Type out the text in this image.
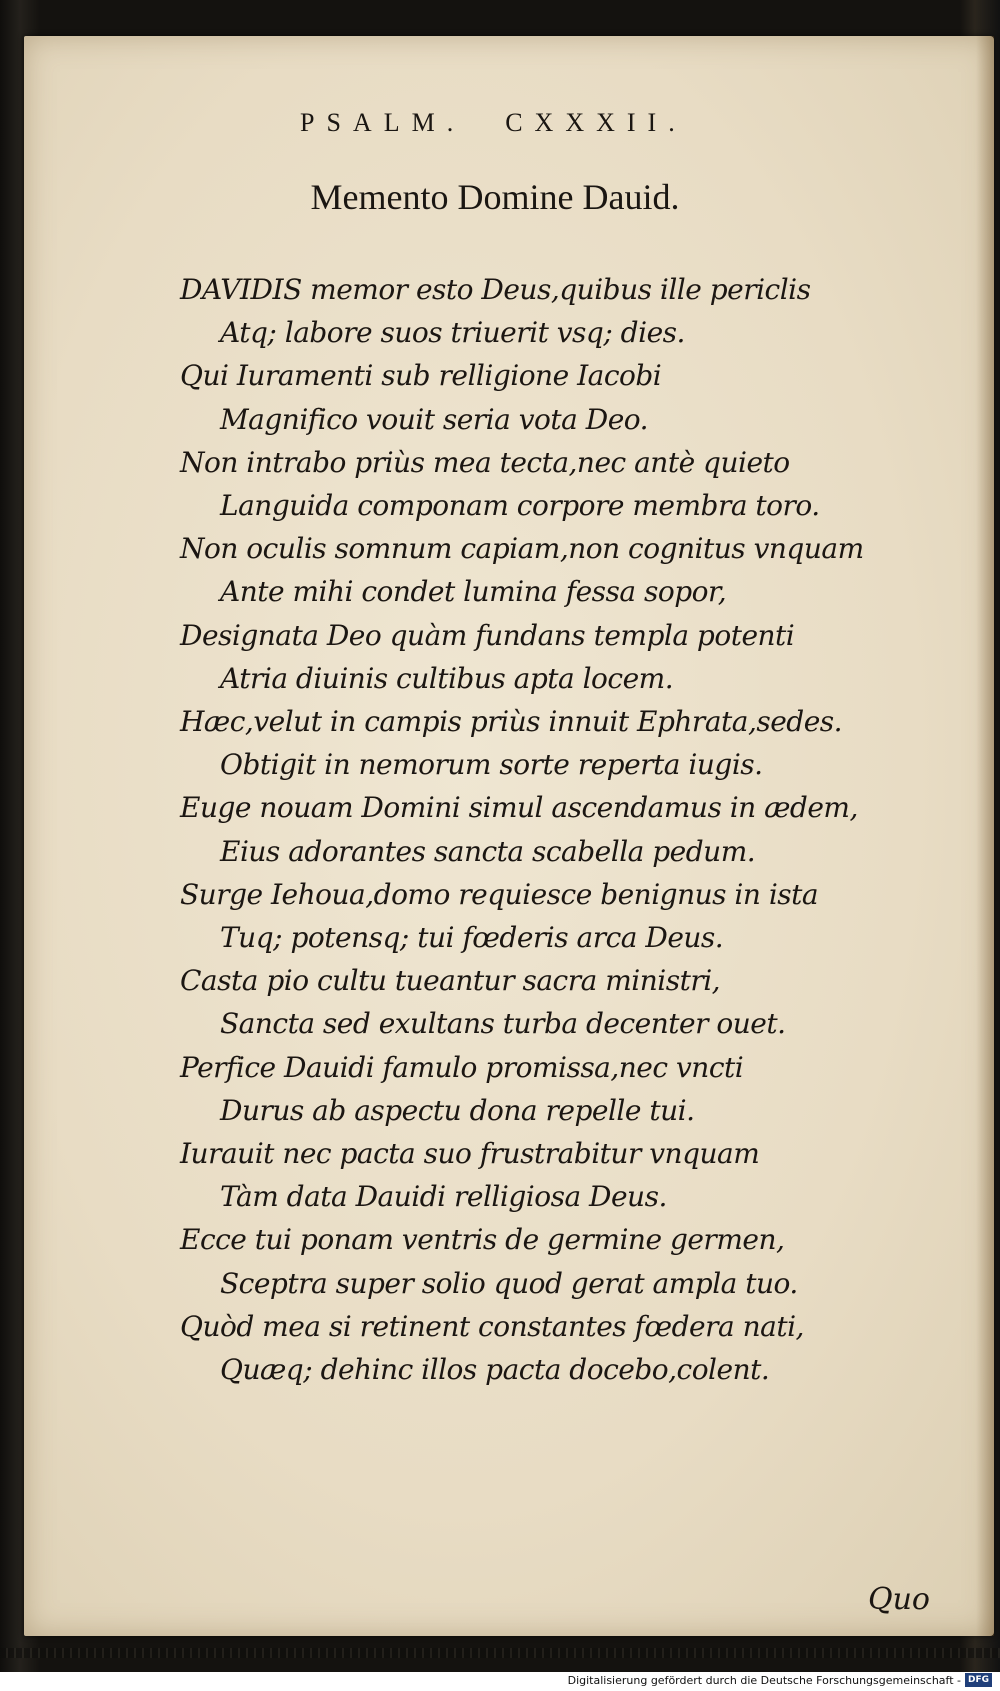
PSALM. CXXXII.
Memento Domine Dauid.
DAVIDIS memor esto Deus,quibus ille periclis
Atq; labore suos triuerit vsq; dies.
Qui Iuramenti sub relligione Iacobi
Magnifico vouit seria vota Deo.
Non intrabo priùs mea tecta,nec antè quieto
Languida componam corpore membra toro.
Non oculis somnum capiam,non cognitus vnquam
Ante mihi condet lumina fessa sopor,
Designata Deo quàm fundans templa potenti
Atria diuinis cultibus apta locem.
Hæc,velut in campis priùs innuit Ephrata,sedes.
Obtigit in nemorum sorte reperta iugis.
Euge nouam Domini simul ascendamus in ædem,
Eius adorantes sancta scabella pedum.
Surge Iehoua,domo requiesce benignus in ista
Tuq; potensq; tui fœderis arca Deus.
Casta pio cultu tueantur sacra ministri,
Sancta sed exultans turba decenter ouet.
Perfice Dauidi famulo promissa,nec vncti
Durus ab aspectu dona repelle tui.
Iurauit nec pacta suo frustrabitur vnquam
Tàm data Dauidi relligiosa Deus.
Ecce tui ponam ventris de germine germen,
Sceptra super solio quod gerat ampla tuo.
Quòd mea si retinent constantes fœdera nati,
Quæq; dehinc illos pacta docebo,colent.
Quo
Digitalisierung gefördert durch die Deutsche Forschungsgemeinschaft - DFG
